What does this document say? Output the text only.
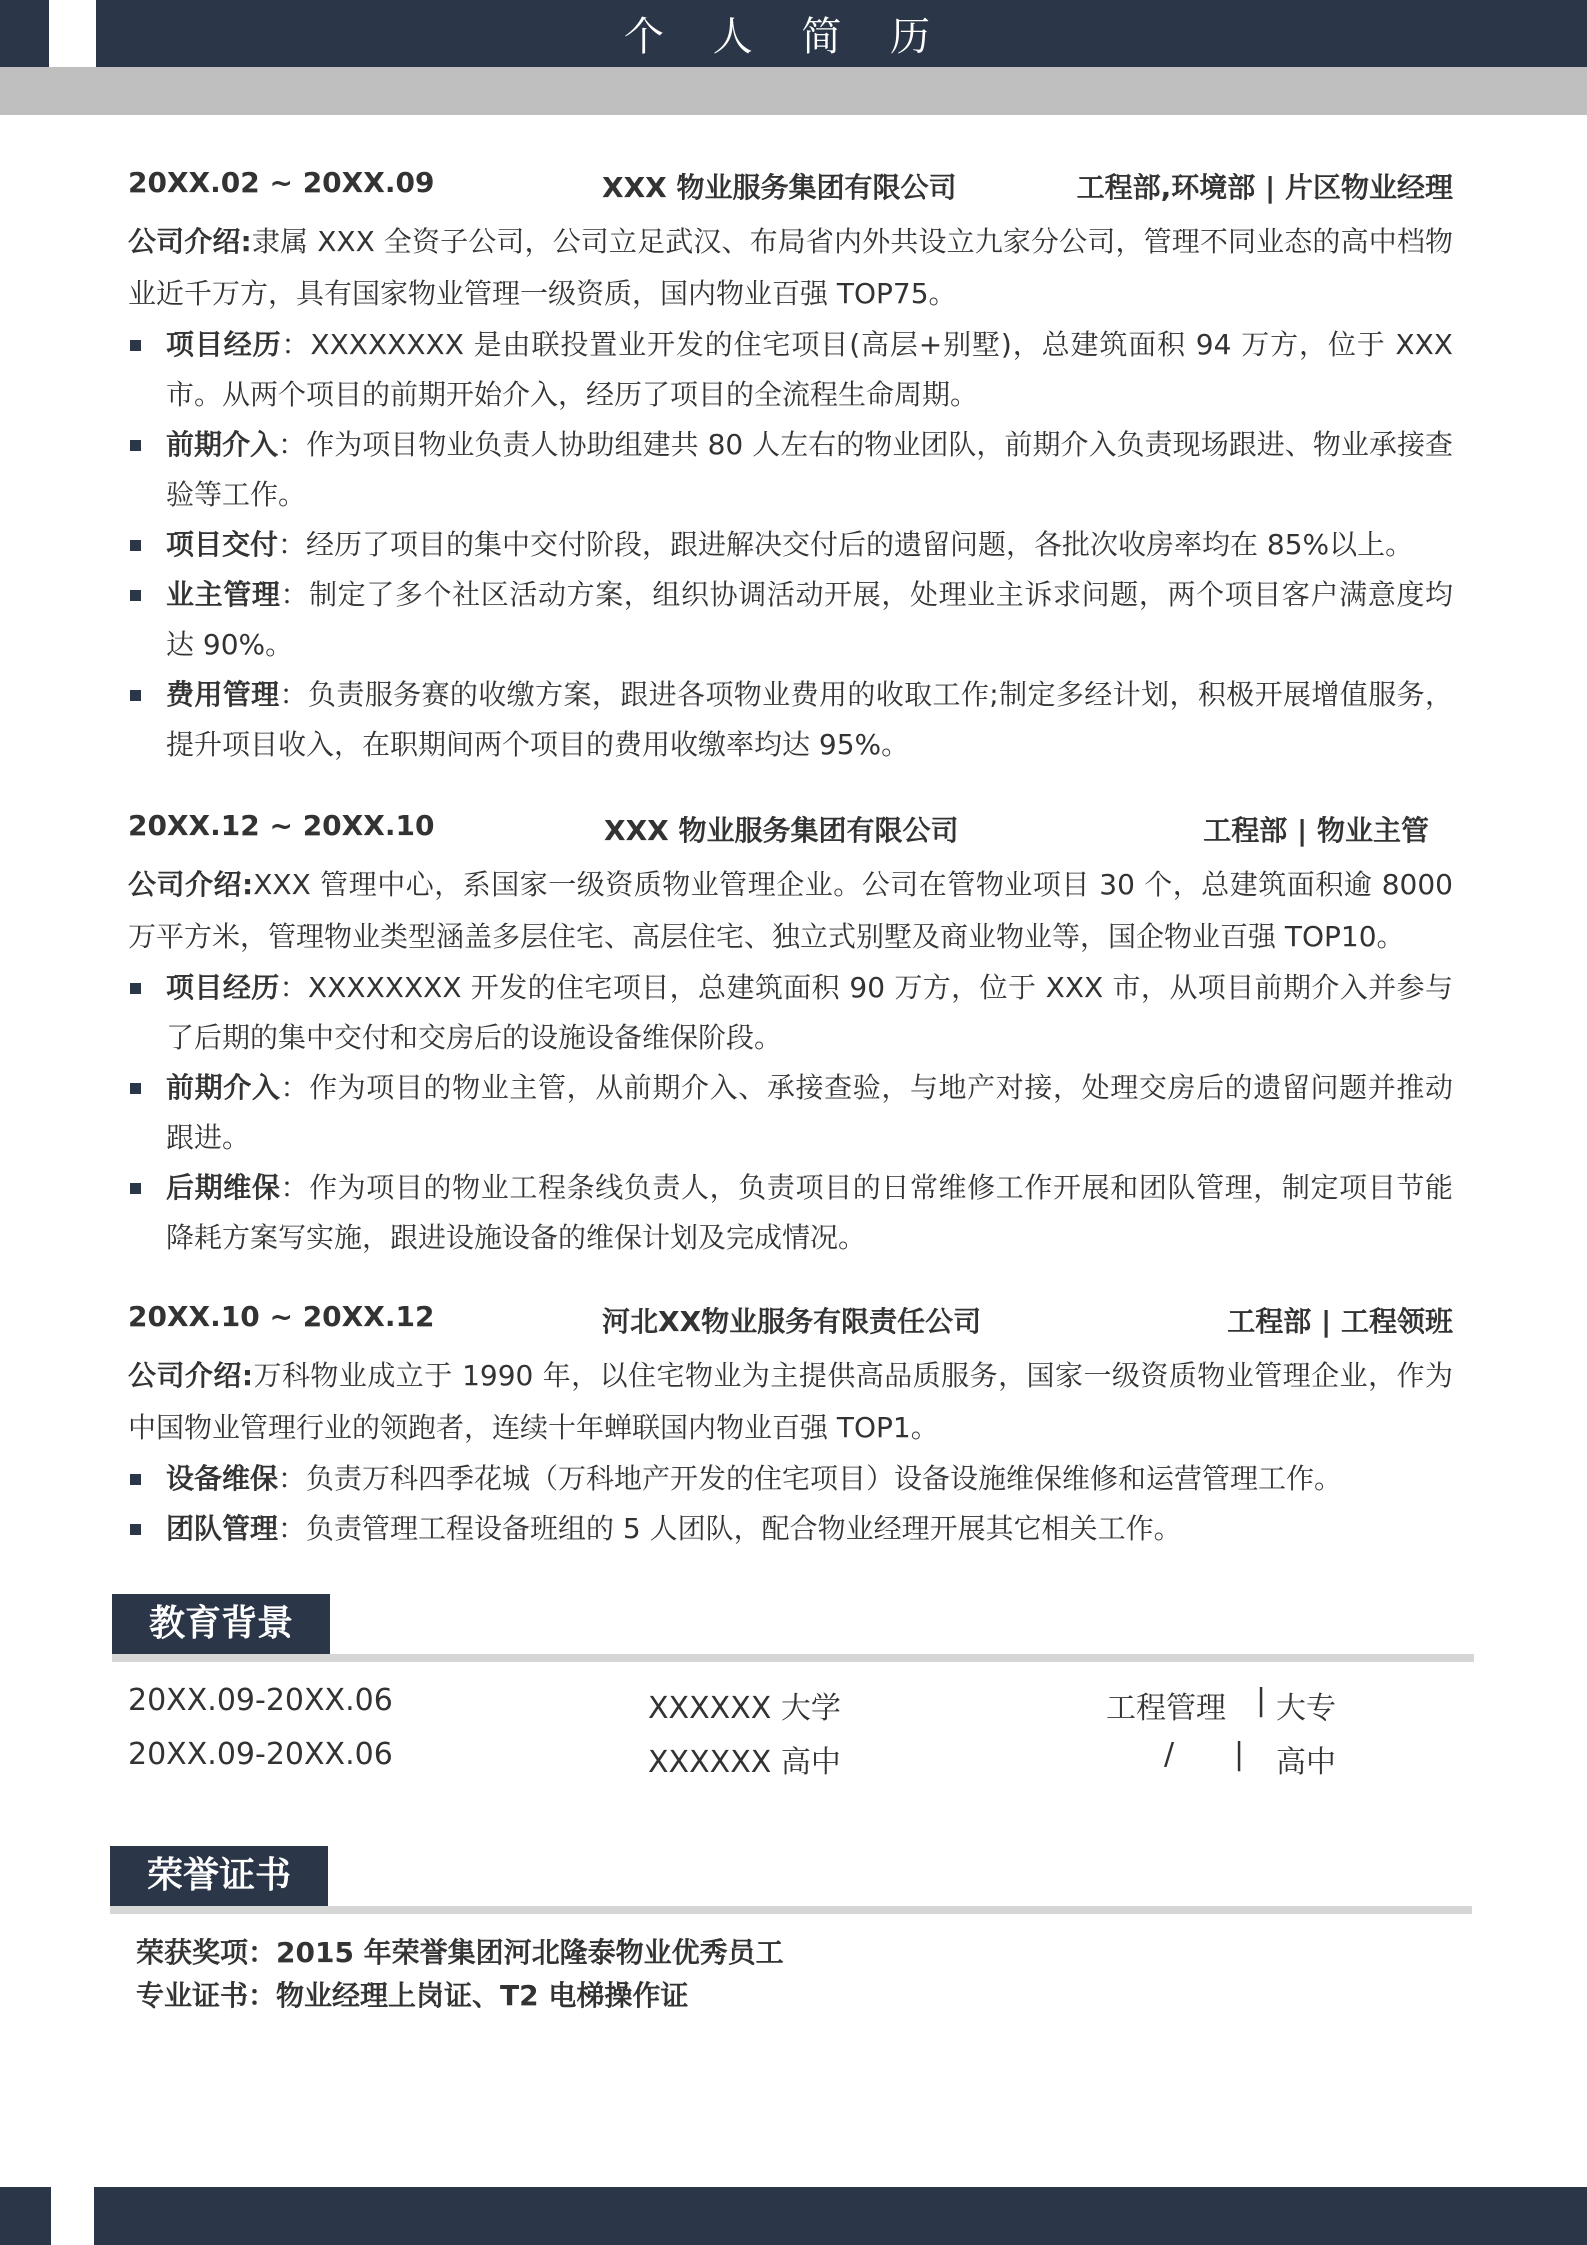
个 人 简 历
20XX.02 ~ 20XX.09	XXX 物业服务集团有限公司	工程部,环境部 | 片区物业经理

公司介绍:隶属 XXX 全资子公司，公司立足武汉、布局省内外共设立九家分公司，管理不同业态的高中档物业近千万方，具有国家物业管理一级资质，国内物业百强 TOP75。

项目经历：XXXXXXXX 是由联投置业开发的住宅项目(高层+别墅)，总建筑面积 94 万方，位于 XXX 市。从两个项目的前期开始介入，经历了项目的全流程生命周期。
前期介入：作为项目物业负责人协助组建共 80 人左右的物业团队，前期介入负责现场跟进、物业承接查验等工作。
项目交付：经历了项目的集中交付阶段，跟进解决交付后的遗留问题，各批次收房率均在 85%以上。
业主管理：制定了多个社区活动方案，组织协调活动开展，处理业主诉求问题，两个项目客户满意度均达 90%。
费用管理：负责服务赛的收缴方案，跟进各项物业费用的收取工作;制定多经计划，积极开展增值服务，提升项目收入，在职期间两个项目的费用收缴率均达 95%。
20XX.12 ~ 20XX.10	XXX 物业服务集团有限公司	工程部 | 物业主管

公司介绍:XXX 管理中心，系国家一级资质物业管理企业。公司在管物业项目 30 个，总建筑面积逾 8000 万平方米，管理物业类型涵盖多层住宅、高层住宅、独立式别墅及商业物业等，国企物业百强 TOP10。

项目经历：XXXXXXXX 开发的住宅项目，总建筑面积 90 万方，位于 XXX 市，从项目前期介入并参与了后期的集中交付和交房后的设施设备维保阶段。
前期介入：作为项目的物业主管，从前期介入、承接查验，与地产对接，处理交房后的遗留问题并推动跟进。
后期维保：作为项目的物业工程条线负责人，负责项目的日常维修工作开展和团队管理，制定项目节能降耗方案写实施，跟进设施设备的维保计划及完成情况。
20XX.10 ~ 20XX.12	河北XX物业服务有限责任公司	工程部 | 工程领班

公司介绍:万科物业成立于 1990 年，以住宅物业为主提供高品质服务，国家一级资质物业管理企业，作为中国物业管理行业的领跑者，连续十年蝉联国内物业百强 TOP1。

设备维保：负责万科四季花城（万科地产开发的住宅项目）设备设施维保维修和运营管理工作。
团队管理：负责管理工程设备班组的 5 人团队，配合物业经理开展其它相关工作。
教育背景
20XX.09-20XX.06	XXXXXX 大学	工程管理 | 大专
20XX.09-20XX.06	XXXXXX 高中	/ | 高中
荣誉证书
荣获奖项：2015 年荣誉集团河北隆泰物业优秀员工
专业证书：物业经理上岗证、T2 电梯操作证
